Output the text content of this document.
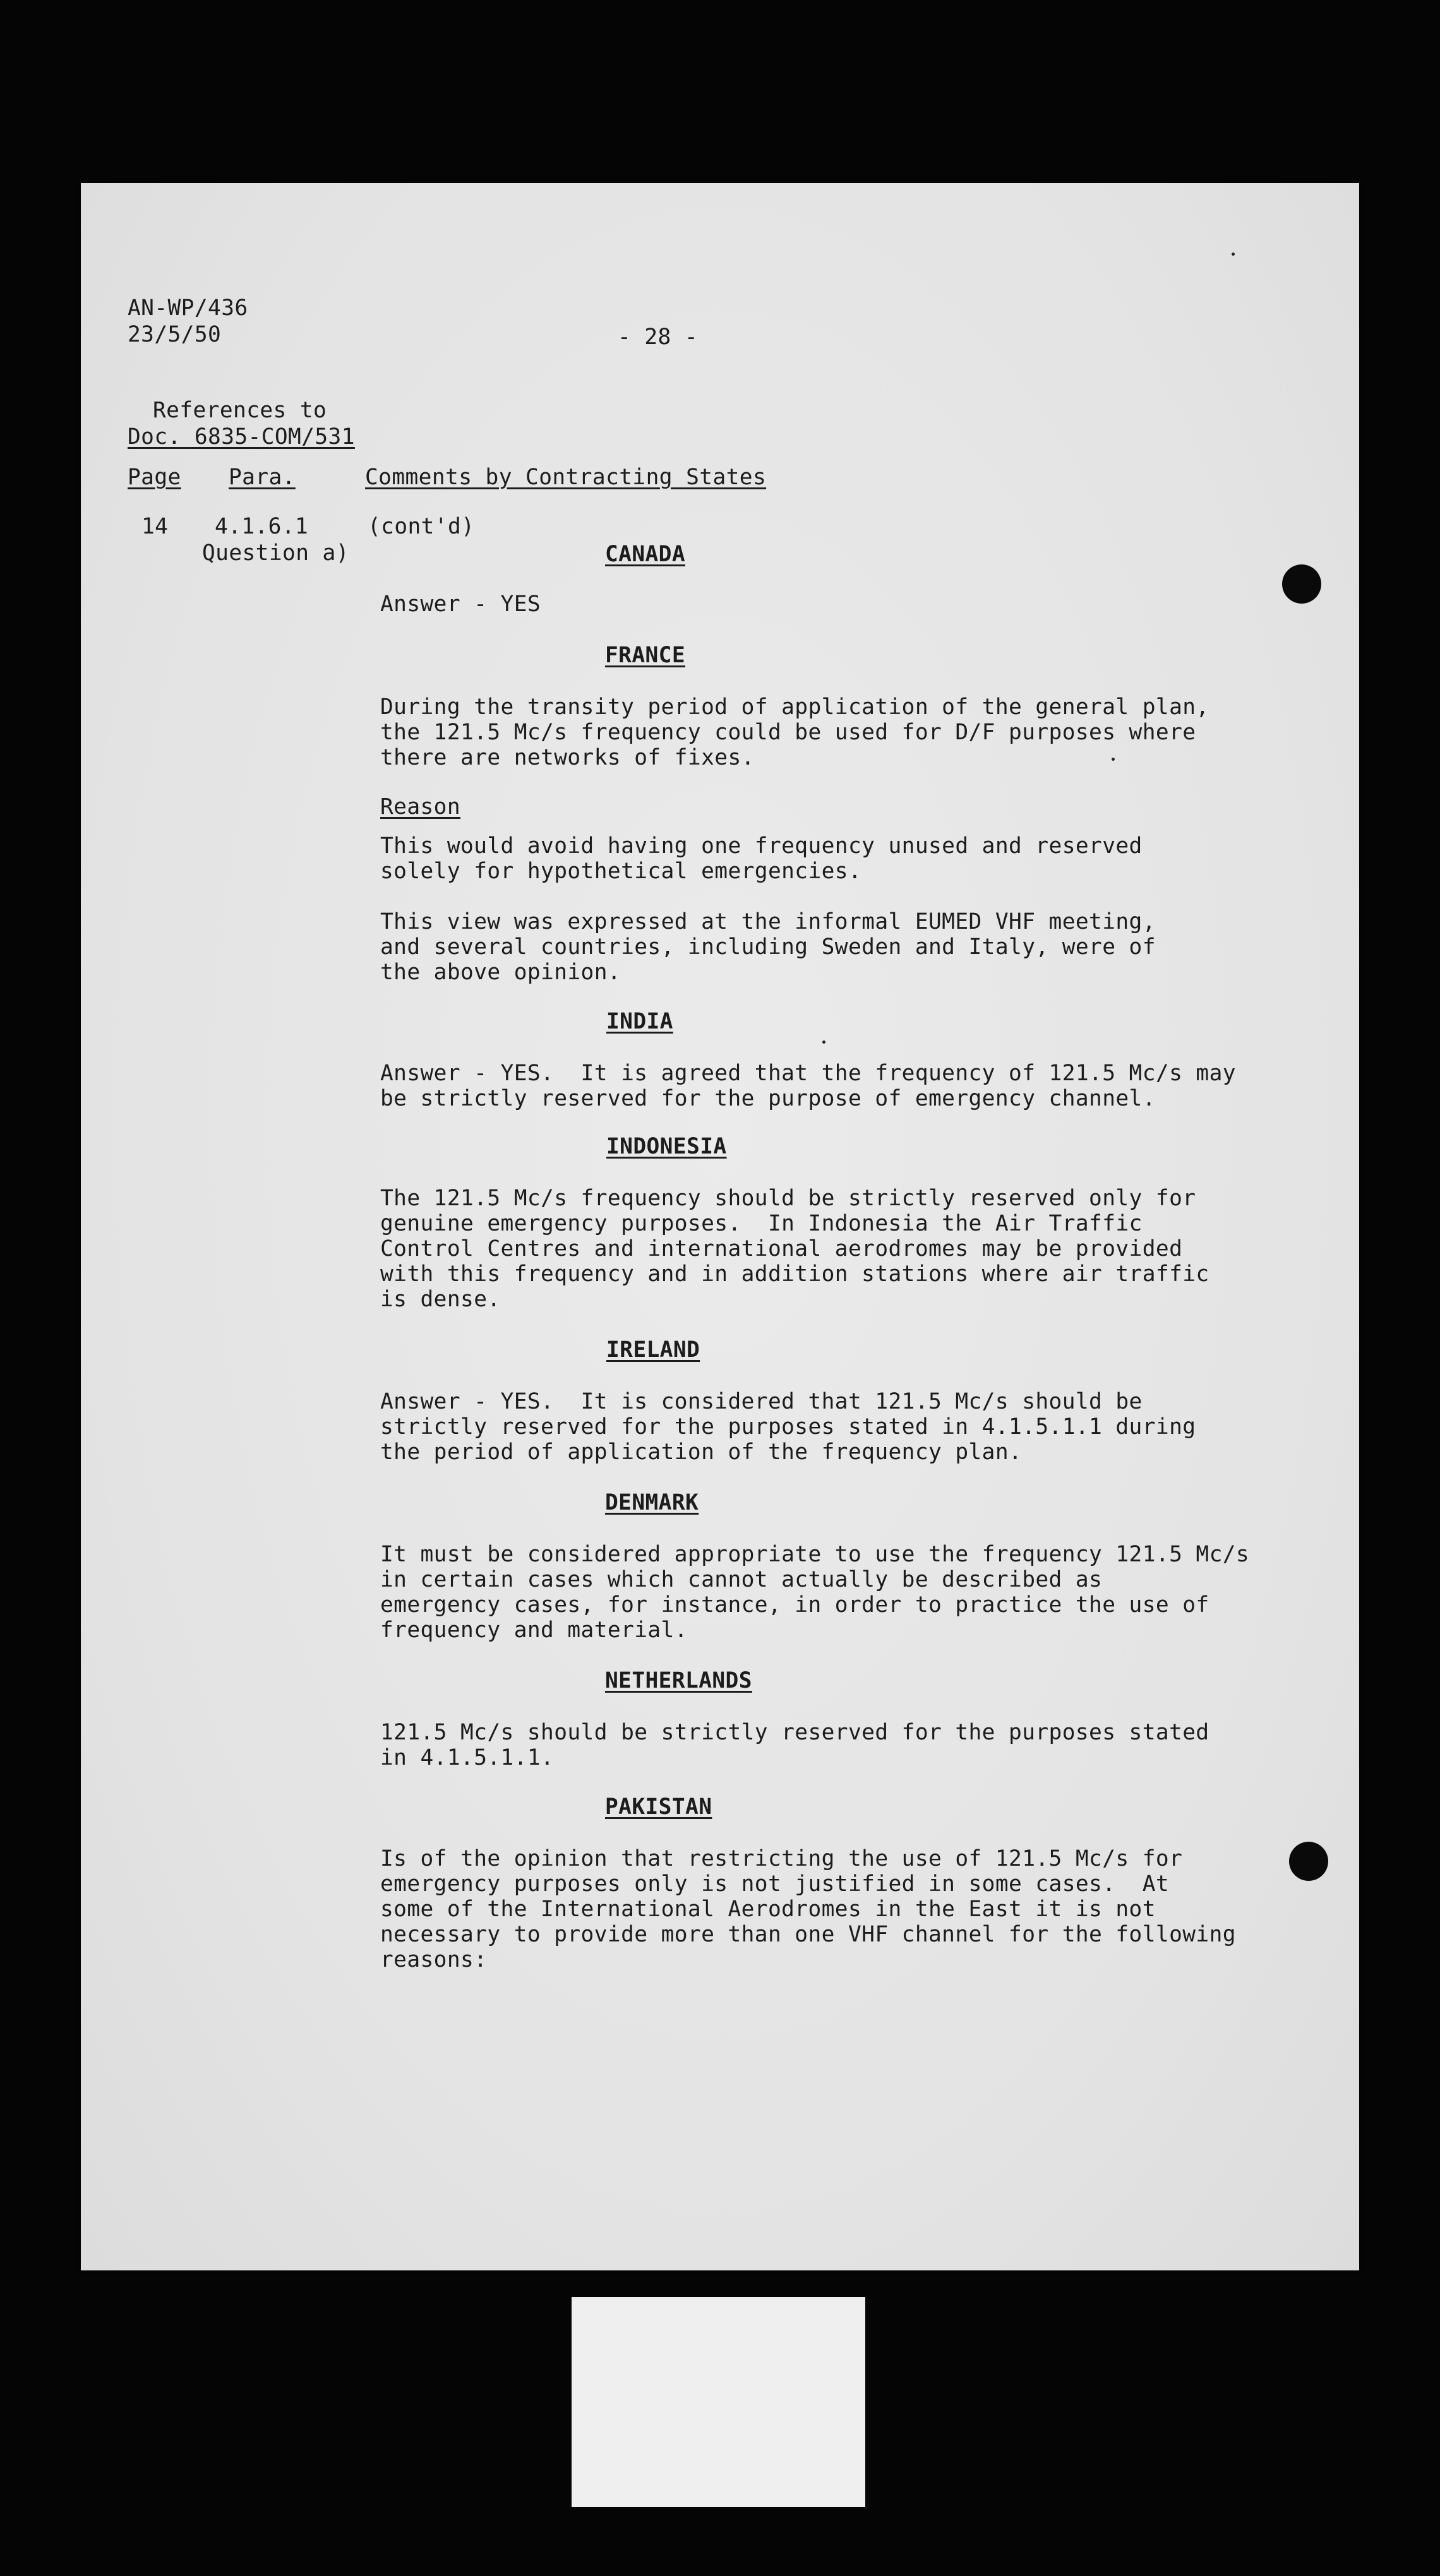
AN-WP/436
23/5/50	- 28 -
References to
Doc. 6835-COM/531
Page Para.	Comments by Contracting States
14 4.1.6.1
Question a)
(cont'd)
CANADA
Answer - YES
FRANCE
During the transity period of application of the general plan,
the 121.5 Mc/s frequency could be used for D/F purposes where
there are networks of fixes.
Reason
This would avoid having one frequency unused and reserved
solely for hypothetical emergencies.
This view was expressed at the informal EUMED VHF meeting,
and several countries, including Sweden and Italy, were of
the above opinion.
INDIA
Answer - YES.  It is agreed that the frequency of 121.5 Mc/s may
be strictly reserved for the purpose of emergency channel.
INDONESIA
The 121.5 Mc/s frequency should be strictly reserved only for
genuine emergency purposes.  In Indonesia the Air Traffic
Control Centres and international aerodromes may be provided
with this frequency and in addition stations where air traffic
is dense.
IRELAND
Answer - YES.  It is considered that 121.5 Mc/s should be
strictly reserved for the purposes stated in 4.1.5.1.1 during
the period of application of the frequency plan.
DENMARK
It must be considered appropriate to use the frequency 121.5 Mc/s
in certain cases which cannot actually be described as
emergency cases, for instance, in order to practice the use of
frequency and material.
NETHERLANDS
121.5 Mc/s should be strictly reserved for the purposes stated
in 4.1.5.1.1.
PAKISTAN
Is of the opinion that restricting the use of 121.5 Mc/s for
emergency purposes only is not justified in some cases.  At
some of the International Aerodromes in the East it is not
necessary to provide more than one VHF channel for the following
reasons:
